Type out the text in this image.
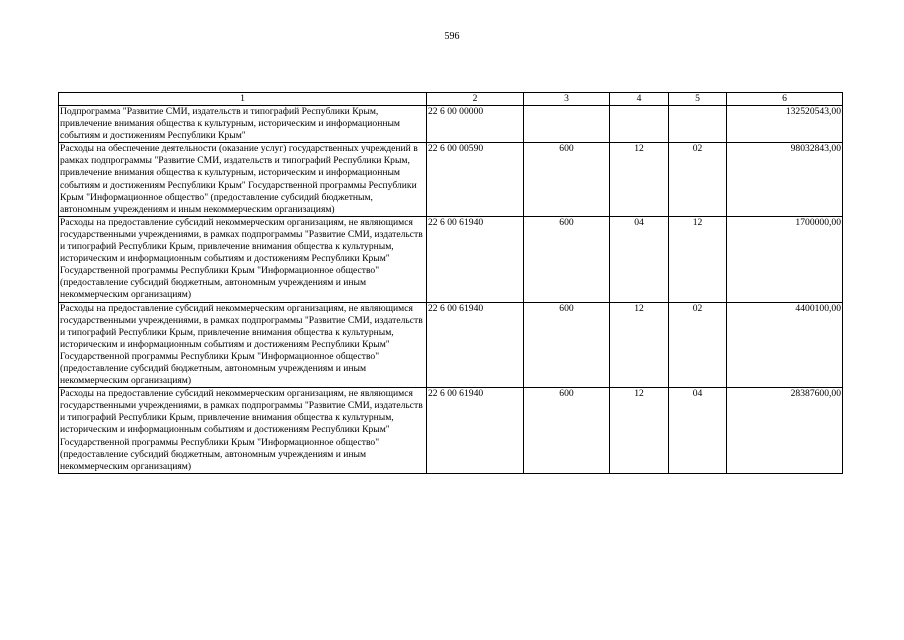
596
1	2	3	4	5	6
Подпрограмма "Развитие СМИ, издательств и типографий Республики Крым, привлечение внимания общества к культурным, историческим и информационным событиям и достижениям Республики Крым"	22 6 00 00000				132520543,00
Расходы на обеспечение деятельности (оказание услуг) государственных учреждений в рамках подпрограммы "Развитие СМИ, издательств и типографий Республики Крым, привлечение внимания общества к культурным, историческим и информационным событиям и достижениям Республики Крым" Государственной программы Республики Крым "Информационное общество" (предоставление субсидий бюджетным, автономным учреждениям и иным некоммерческим организациям)	22 6 00 00590	600	12	02	98032843,00
Расходы на предоставление субсидий некоммерческим организациям, не являющимся государственными учреждениями, в рамках подпрограммы "Развитие СМИ, издательств и типографий Республики Крым, привлечение внимания общества к культурным, историческим и информационным событиям и достижениям Республики Крым" Государственной программы Республики Крым "Информационное общество" (предоставление субсидий бюджетным, автономным учреждениям и иным некоммерческим организациям)	22 6 00 61940	600	04	12	1700000,00
Расходы на предоставление субсидий некоммерческим организациям, не являющимся государственными учреждениями, в рамках подпрограммы "Развитие СМИ, издательств и типографий Республики Крым, привлечение внимания общества к культурным, историческим и информационным событиям и достижениям Республики Крым" Государственной программы Республики Крым "Информационное общество" (предоставление субсидий бюджетным, автономным учреждениям и иным некоммерческим организациям)	22 6 00 61940	600	12	02	4400100,00
Расходы на предоставление субсидий некоммерческим организациям, не являющимся государственными учреждениями, в рамках подпрограммы "Развитие СМИ, издательств и типографий Республики Крым, привлечение внимания общества к культурным, историческим и информационным событиям и достижениям Республики Крым" Государственной программы Республики Крым "Информационное общество" (предоставление субсидий бюджетным, автономным учреждениям и иным некоммерческим организациям)	22 6 00 61940	600	12	04	28387600,00
